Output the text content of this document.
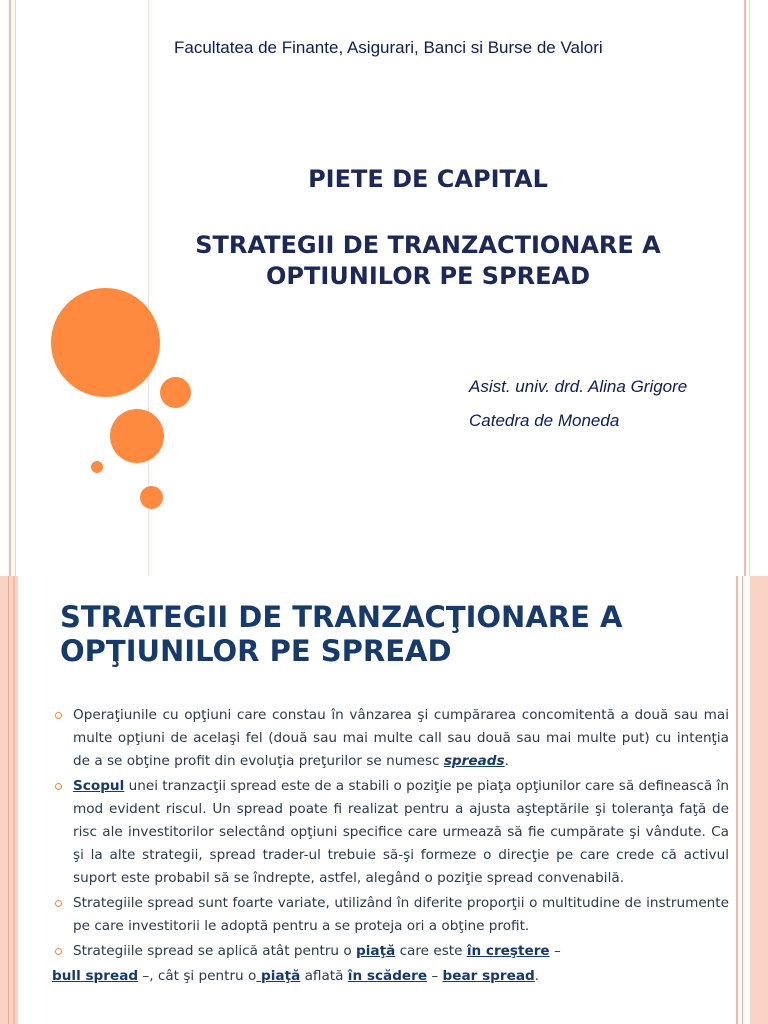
Facultatea de Finante, Asigurari, Banci si Burse de Valori
PIETE DE CAPITAL
STRATEGII DE TRANZACTIONARE A
OPTIUNILOR PE SPREAD
Asist. univ. drd. Alina Grigore
Catedra de Moneda
STRATEGII DE TRANZACŢIONARE A
OPŢIUNILOR PE SPREAD
Operaţiunile cu opţiuni care constau în vânzarea şi cumpărarea concomitentă a două sau mai multe opţiuni de acelaşi fel (două sau mai multe call sau două sau mai multe put) cu intenţia de a se obţine profit din evoluţia preţurilor se numesc spreads.
Scopul unei tranzacţii spread este de a stabili o poziţie pe piaţa opţiunilor care să definească în mod evident riscul. Un spread poate fi realizat pentru a ajusta aşteptările şi toleranţa faţă de risc ale investitorilor selectând opţiuni specifice care urmează să fie cumpărate şi vândute. Ca şi la alte strategii, spread trader-ul trebuie să-şi formeze o direcţie pe care crede că activul suport este probabil să se îndrepte, astfel, alegând o poziţie spread convenabilă.
Strategiile spread sunt foarte variate, utilizând în diferite proporţii o multitudine de instrumente pe care investitorii le adoptă pentru a se proteja ori a obţine profit.
Strategiile spread se aplică atât pentru o piaţă care este în creştere –
bull spread –, cât şi pentru o piaţă aflată în scădere – bear spread.
